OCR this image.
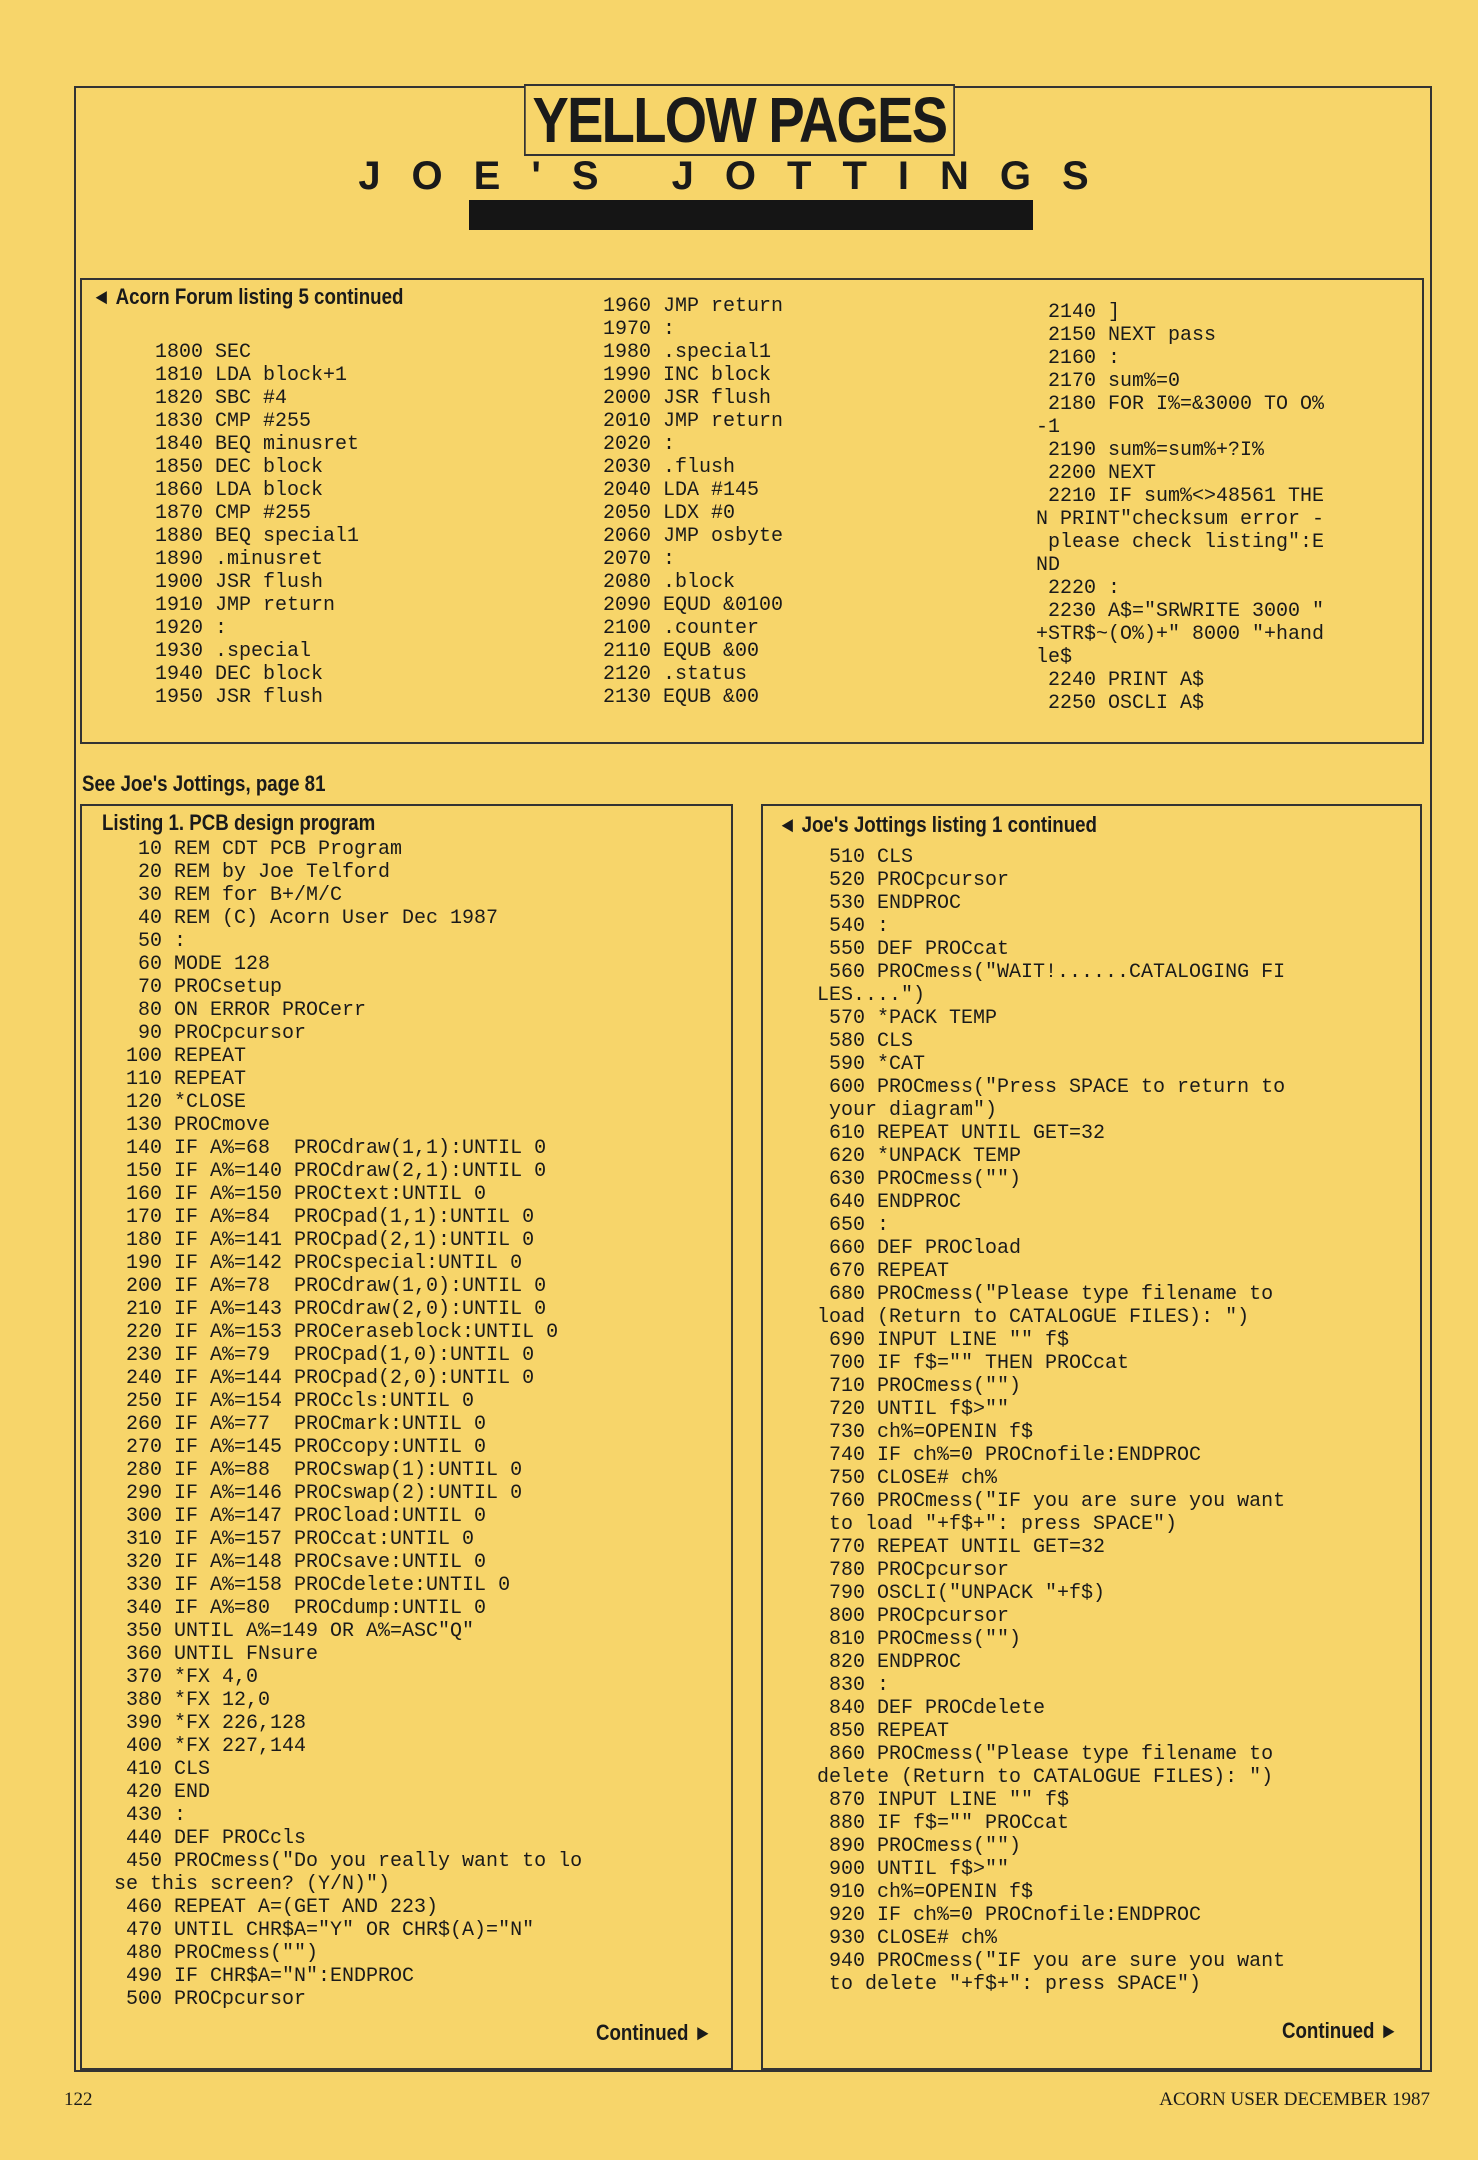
YELLOW PAGES
JOE'S JOTTINGS
◄ Acorn Forum listing 5 continued
1800 SEC
1810 LDA block+1
1820 SBC #4
1830 CMP #255
1840 BEQ minusret
1850 DEC block
1860 LDA block
1870 CMP #255
1880 BEQ special1
1890 .minusret
1900 JSR flush
1910 JMP return
1920 :
1930 .special
1940 DEC block
1950 JSR flush
1960 JMP return
1970 :
1980 .special1
1990 INC block
2000 JSR flush
2010 JMP return
2020 :
2030 .flush
2040 LDA #145
2050 LDX #0
2060 JMP osbyte
2070 :
2080 .block
2090 EQUD &0100
2100 .counter
2110 EQUB &00
2120 .status
2130 EQUB &00
2140 ]
2150 NEXT pass
2160 :
2170 sum%=0
2180 FOR I%=&3000 TO O%
-1
2190 sum%=sum%+?I%
2200 NEXT
2210 IF sum%<>48561 THE
N PRINT"checksum error -
please check listing":E
ND
2220 :
2230 A$="SRWRITE 3000 "
+STR$~(O%)+" 8000 "+hand
le$
2240 PRINT A$
2250 OSCLI A$
See Joe's Jottings, page 81
Listing 1. PCB design program
10 REM CDT PCB Program
20 REM by Joe Telford
30 REM for B+/M/C
40 REM (C) Acorn User Dec 1987
50 :
60 MODE 128
70 PROCsetup
80 ON ERROR PROCerr
90 PROCpcursor
100 REPEAT
110 REPEAT
120 *CLOSE
130 PROCmove
140 IF A%=68  PROCdraw(1,1):UNTIL 0
150 IF A%=140 PROCdraw(2,1):UNTIL 0
160 IF A%=150 PROCtext:UNTIL 0
170 IF A%=84  PROCpad(1,1):UNTIL 0
180 IF A%=141 PROCpad(2,1):UNTIL 0
190 IF A%=142 PROCspecial:UNTIL 0
200 IF A%=78  PROCdraw(1,0):UNTIL 0
210 IF A%=143 PROCdraw(2,0):UNTIL 0
220 IF A%=153 PROCeraseblock:UNTIL 0
230 IF A%=79  PROCpad(1,0):UNTIL 0
240 IF A%=144 PROCpad(2,0):UNTIL 0
250 IF A%=154 PROCcls:UNTIL 0
260 IF A%=77  PROCmark:UNTIL 0
270 IF A%=145 PROCcopy:UNTIL 0
280 IF A%=88  PROCswap(1):UNTIL 0
290 IF A%=146 PROCswap(2):UNTIL 0
300 IF A%=147 PROCload:UNTIL 0
310 IF A%=157 PROCcat:UNTIL 0
320 IF A%=148 PROCsave:UNTIL 0
330 IF A%=158 PROCdelete:UNTIL 0
340 IF A%=80  PROCdump:UNTIL 0
350 UNTIL A%=149 OR A%=ASC"Q"
360 UNTIL FNsure
370 *FX 4,0
380 *FX 12,0
390 *FX 226,128
400 *FX 227,144
410 CLS
420 END
430 :
440 DEF PROCcls
450 PROCmess("Do you really want to lo
se this screen? (Y/N)")
460 REPEAT A=(GET AND 223)
470 UNTIL CHR$A="Y" OR CHR$(A)="N"
480 PROCmess("")
490 IF CHR$A="N":ENDPROC
500 PROCpcursor
Continued ►
◄ Joe's Jottings listing 1 continued
510 CLS
520 PROCpcursor
530 ENDPROC
540 :
550 DEF PROCcat
560 PROCmess("WAIT!......CATALOGING FI
LES....")
570 *PACK TEMP
580 CLS
590 *CAT
600 PROCmess("Press SPACE to return to
your diagram")
610 REPEAT UNTIL GET=32
620 *UNPACK TEMP
630 PROCmess("")
640 ENDPROC
650 :
660 DEF PROCload
670 REPEAT
680 PROCmess("Please type filename to
load (Return to CATALOGUE FILES): ")
690 INPUT LINE "" f$
700 IF f$="" THEN PROCcat
710 PROCmess("")
720 UNTIL f$>""
730 ch%=OPENIN f$
740 IF ch%=0 PROCnofile:ENDPROC
750 CLOSE# ch%
760 PROCmess("IF you are sure you want
to load "+f$+": press SPACE")
770 REPEAT UNTIL GET=32
780 PROCpcursor
790 OSCLI("UNPACK "+f$)
800 PROCpcursor
810 PROCmess("")
820 ENDPROC
830 :
840 DEF PROCdelete
850 REPEAT
860 PROCmess("Please type filename to
delete (Return to CATALOGUE FILES): ")
870 INPUT LINE "" f$
880 IF f$="" PROCcat
890 PROCmess("")
900 UNTIL f$>""
910 ch%=OPENIN f$
920 IF ch%=0 PROCnofile:ENDPROC
930 CLOSE# ch%
940 PROCmess("IF you are sure you want
to delete "+f$+": press SPACE")
Continued ►
122	ACORN USER DECEMBER 1987
